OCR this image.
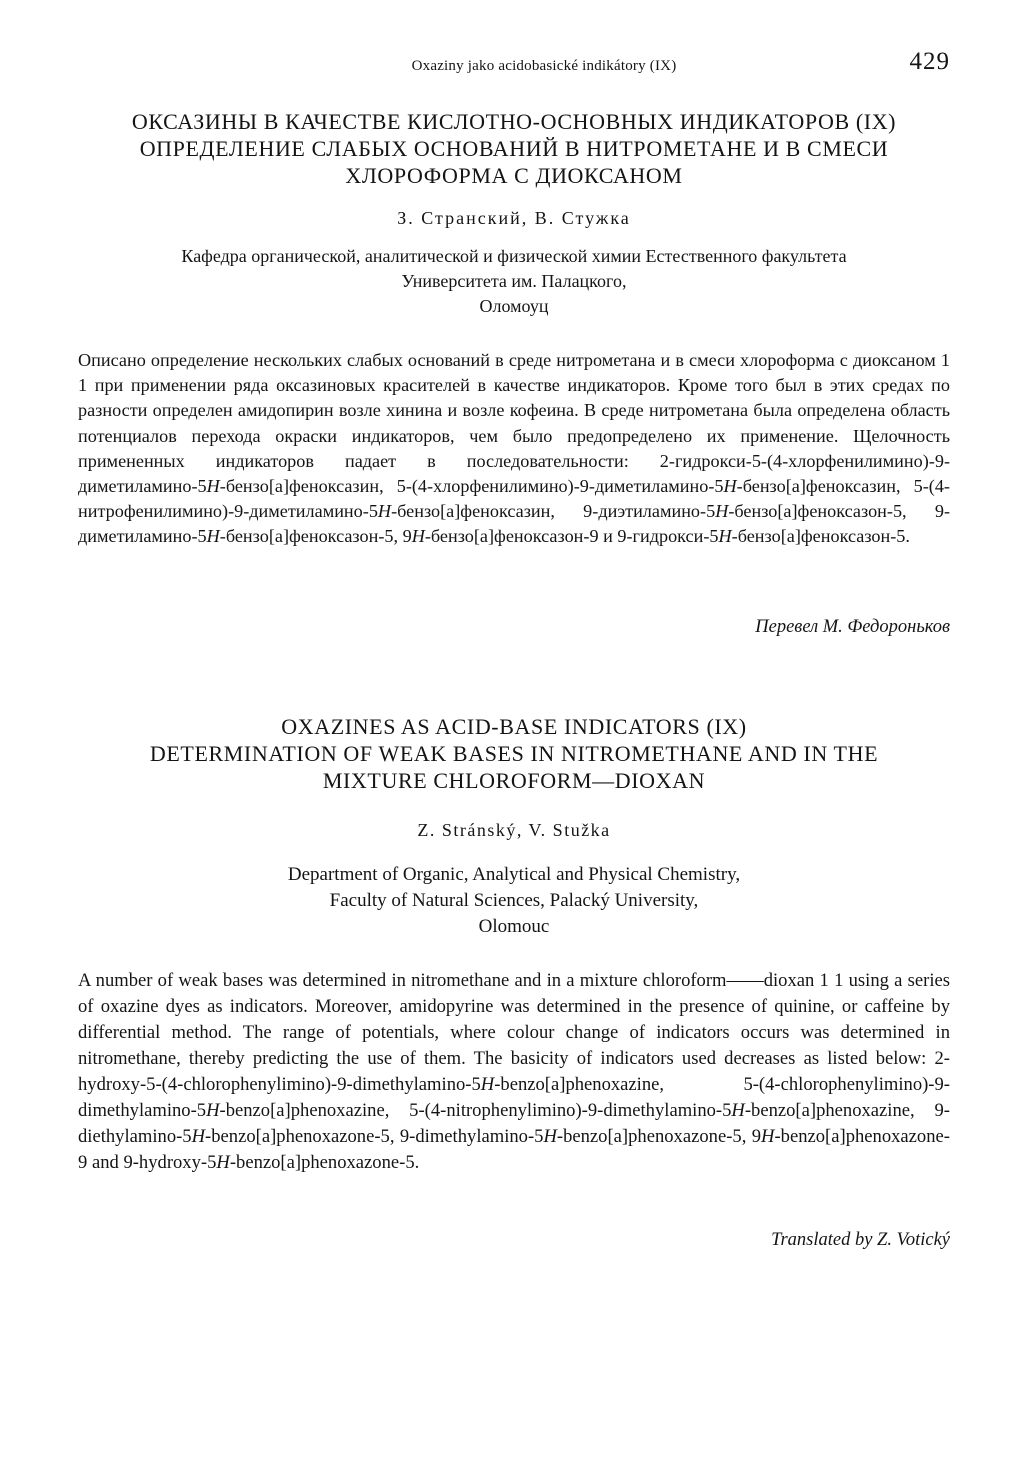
Oxaziny jako acidobasické indikátory (IX)	429
ОКСАЗИНЫ В КАЧЕСТВЕ КИСЛОТНО-ОСНОВНЫХ ИНДИКАТОРОВ (IX)
ОПРЕДЕЛЕНИЕ СЛАБЫХ ОСНОВАНИЙ В НИТРОМЕТАНЕ И В СМЕСИ
ХЛОРОФОРМА С ДИОКСАНОМ
З. Странский, В. Стужка
Кафедра органической, аналитической и физической химии Естественного факультета
Университета им. Палацкого,
Оломоуц

Описано определение нескольких слабых оснований в среде нитрометана и в смеси хлороформа с диоксаном 1 1 при применении ряда оксазиновых красителей в качестве индикаторов. Кроме того был в этих средах по разности определен амидопирин возле хинина и возле кофеина. В среде нитрометана была определена область потенциалов перехода окраски индикаторов, чем было предопределено их применение. Щелочность примененных индикаторов падает в последовательности: 2-гидрокси-5-(4-хлорфенилимино)-9-диметиламино-5H-бензо[a]феноксазин, 5-(4-хлорфенилимино)-9-диметиламино-5H-бензо[a]феноксазин, 5-(4-нитрофенилимино)-9-диметиламино-5H-бензо[a]феноксазин, 9-диэтиламино-5H-бензо[a]феноксазон-5, 9-диметиламино-5H-бензо[a]феноксазон-5, 9H-бензо[a]феноксазон-9 и 9-гидрокси-5H-бензо[a]феноксазон-5.

Перевел М. Федороньков
OXAZINES AS ACID-BASE INDICATORS (IX)
DETERMINATION OF WEAK BASES IN NITROMETHANE AND IN THE
MIXTURE CHLOROFORM—DIOXAN
Z. Stránský, V. Stužka
Department of Organic, Analytical and Physical Chemistry,
Faculty of Natural Sciences, Palacký University,
Olomouc

A number of weak bases was determined in nitromethane and in a mixture chloroform——dioxan 1 1 using a series of oxazine dyes as indicators. Moreover, amidopyrine was determined in the presence of quinine, or caffeine by differential method. The range of potentials, where colour change of indicators occurs was determined in nitromethane, thereby predicting the use of them. The basicity of indicators used decreases as listed below: 2-hydroxy-5-(4-chlorophenylimino)-9-dimethylamino-5H-benzo[a]phenoxazine, 5-(4-chlorophenylimino)-9-dimethylamino-5H-benzo[a]phenoxazine, 5-(4-nitrophenylimino)-9-dimethylamino-5H-benzo[a]phenoxazine, 9-diethylamino-5H-benzo[a]phenoxazone-5, 9-dimethylamino-5H-benzo[a]phenoxazone-5, 9H-benzo[a]phenoxazone-9 and 9-hydroxy-5H-benzo[a]phenoxazone-5.

Translated by Z. Votický
